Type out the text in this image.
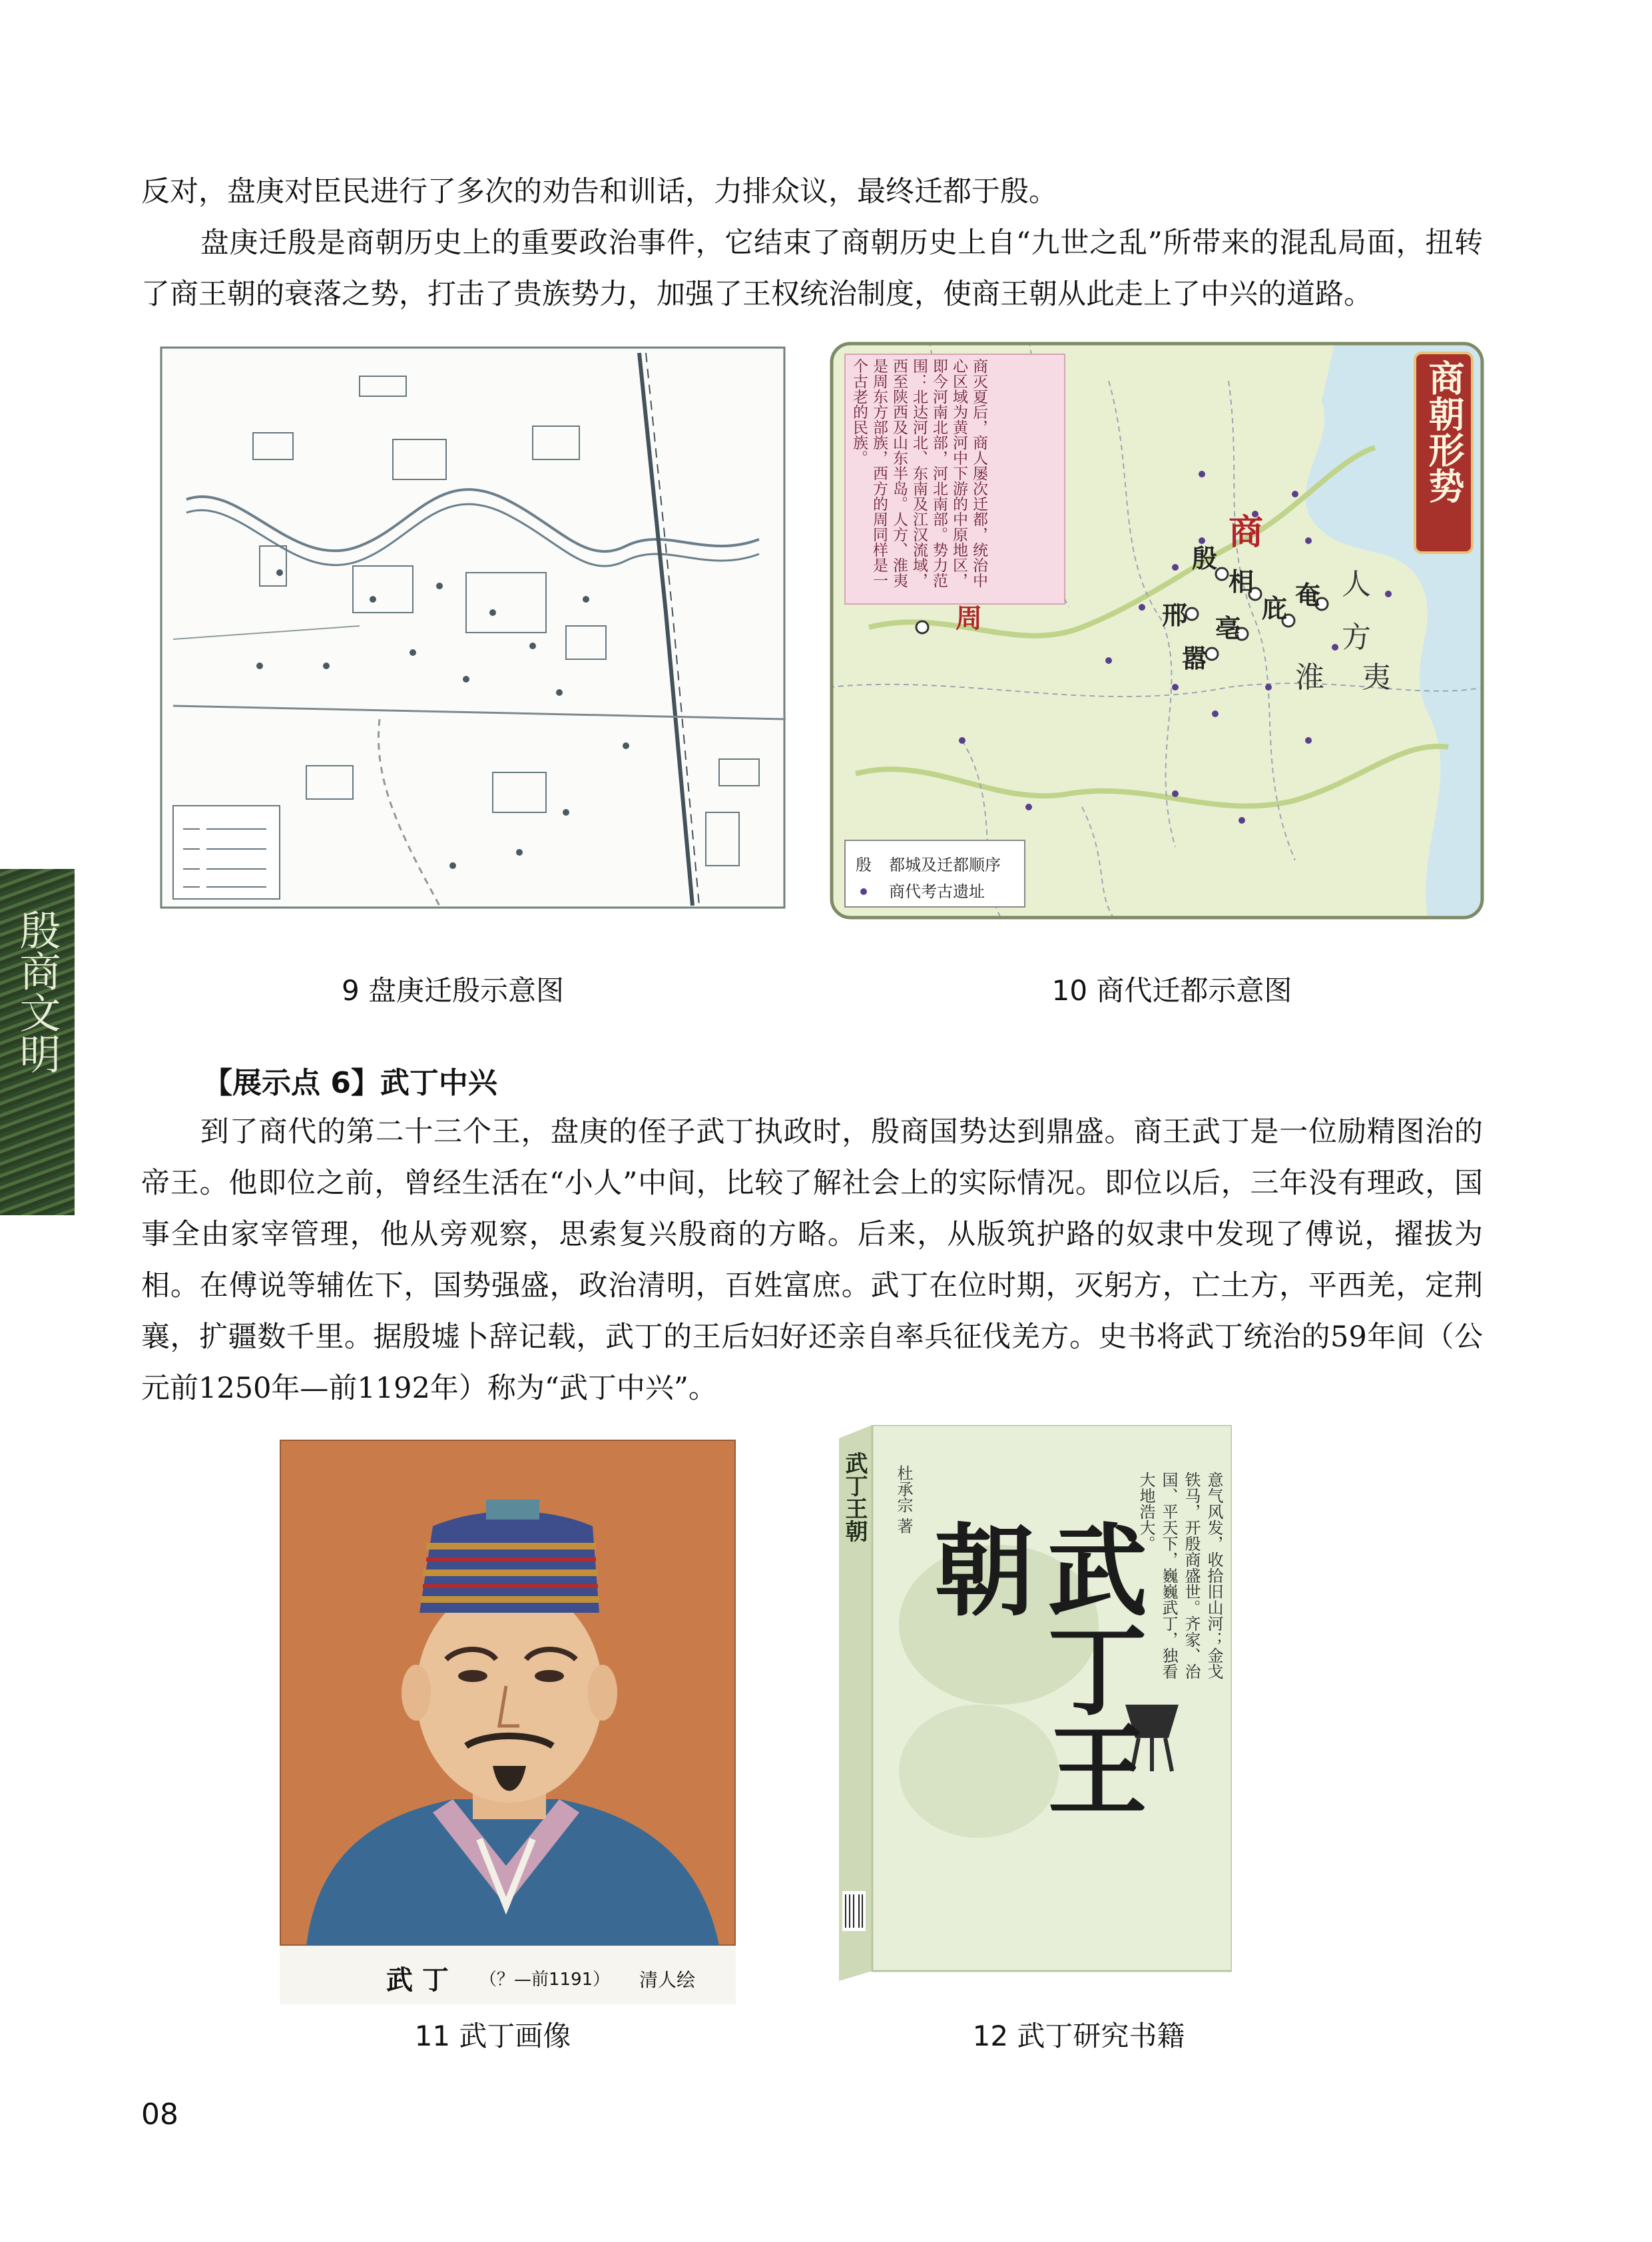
反对，盘庚对臣民进行了多次的劝告和训话，力排众议，最终迁都于殷。
盘庚迁殷是商朝历史上的重要政治事件，它结束了商朝历史上自“九世之乱”所带来的混乱局面，扭转了商王朝的衰落之势，打击了贵族势力，加强了王权统治制度，使商王朝从此走上了中兴的道路。
殷商文明
商灭夏后，商人屡次迁都，统治中心区域为黄河中下游的中原地区，即今河南北部，河北南部。势力范围：北达河北、东南及江汉流域，西至陕西及山东半岛。人方、淮夷是周东方部族，西方的周同样是一个古老的民族。	商朝形势
殷 都城及迁都顺序
商代考古遗址
商
周
人
方
淮 夷
殷
相
庇 奄
邢 亳
嚣
9 盘庚迁殷示意图	10 商代迁都示意图
【展示点 6】武丁中兴
到了商代的第二十三个王，盘庚的侄子武丁执政时，殷商国势达到鼎盛。商王武丁是一位励精图治的帝王。他即位之前，曾经生活在“小人”中间，比较了解社会上的实际情况。即位以后，三年没有理政，国事全由家宰管理，他从旁观察，思索复兴殷商的方略。后来，从版筑护路的奴隶中发现了傅说，擢拔为相。在傅说等辅佐下，国势强盛，政治清明，百姓富庶。武丁在位时期，灭躬方，亡土方，平西羌，定荆襄，扩疆数千里。据殷墟卜辞记载，武丁的王后妇好还亲自率兵征伐羌方。史书将武丁统治的59年间（公元前1250年—前1192年）称为“武丁中兴”。
武 丁 （？—前1191） 清人绘
武丁王朝
武丁王朝
杜承宗 著	意气风发，收拾旧山河；金戈铁马，开殷商盛世。齐家、治国、平天下，巍巍武丁，独看大地浩大。
11 武丁画像	12 武丁研究书籍
08
